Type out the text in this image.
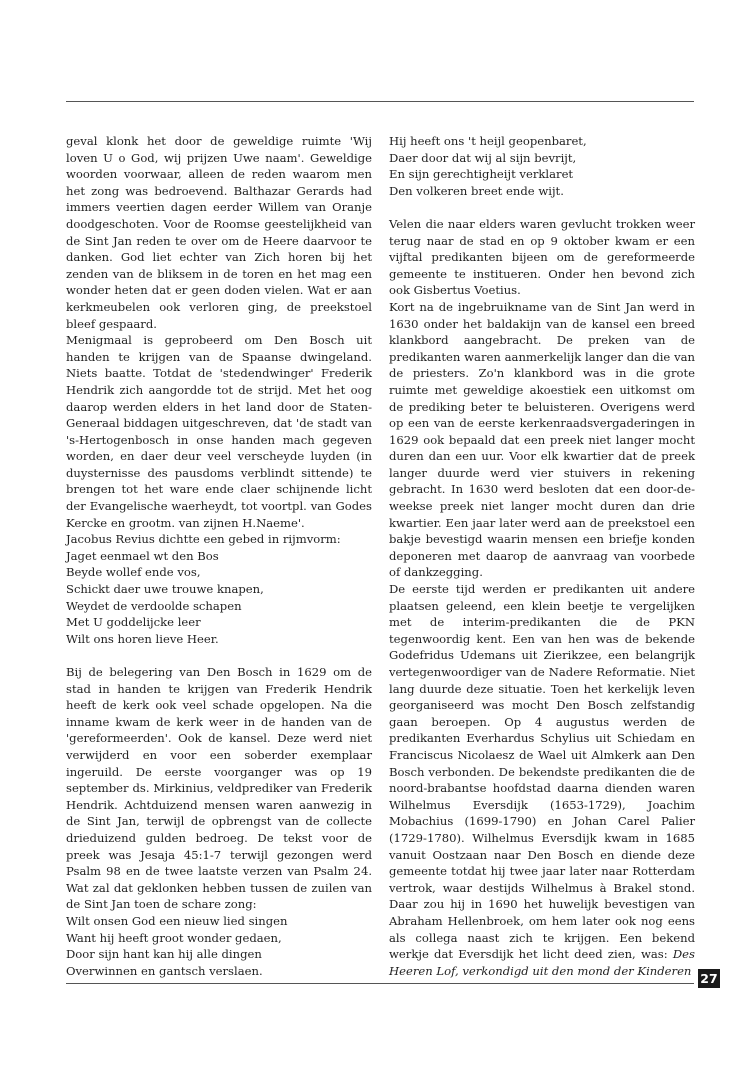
geval klonk het door de geweldige ruimte 'Wij loven U o God, wij prijzen Uwe naam'. Geweldige woorden voorwaar, alleen de reden waarom men het zong was bedroevend. Balthazar Gerards had immers veertien dagen eerder Willem van Oranje doodgeschoten. Voor de Roomse geestelijkheid van de Sint Jan reden te over om de Heere daarvoor te danken. God liet echter van Zich horen bij het zenden van de bliksem in de toren en het mag een wonder heten dat er geen doden vielen. Wat er aan kerkmeubelen ook verloren ging, de preekstoel bleef gespaard.

Menigmaal is geprobeerd om Den Bosch uit handen te krijgen van de Spaanse dwingeland. Niets baatte. Totdat de 'stedendwinger' Frederik Hendrik zich aangordde tot de strijd. Met het oog daarop werden elders in het land door de Staten-Generaal biddagen uitgeschreven, dat 'de stadt van 's-Hertogenbosch in onse handen mach gegeven worden, en daer deur veel verscheyde luyden (in duysternisse des pausdoms verblindt sittende) te brengen tot het ware ende claer schijnende licht der Evangelische waerheydt, tot voortpl. van Godes Kercke en grootm. van zijnen H.Naeme'.

Jacobus Revius dichtte een gebed in rijmvorm:

Jaget eenmael wt den Bos
Beyde wollef ende vos,
Schickt daer uwe trouwe knapen,
Weydet de verdoolde schapen
Met U goddelijcke leer
Wilt ons horen lieve Heer.

Bij de belegering van Den Bosch in 1629 om de stad in handen te krijgen van Frederik Hendrik heeft de kerk ook veel schade opgelopen. Na die inname kwam de kerk weer in de handen van de 'gereformeerden'. Ook de kansel. Deze werd niet verwijderd en voor een soberder exemplaar ingeruild. De eerste voorganger was op 19 september ds. Mirkinius, veldprediker van Frederik Hendrik. Achtduizend mensen waren aanwezig in de Sint Jan, terwijl de opbrengst van de collecte drieduizend gulden bedroeg. De tekst voor de preek was Jesaja 45:1-7 terwijl gezongen werd Psalm 98 en de twee laatste verzen van Psalm 24. Wat zal dat geklonken hebben tussen de zuilen van de Sint Jan toen de schare zong:

Wilt onsen God een nieuw lied singen
Want hij heeft groot wonder gedaen,
Door sijn hant kan hij alle dingen
Overwinnen en gantsch verslaen.
Hij heeft ons 't heijl geopenbaret,
Daer door dat wij al sijn bevrijt,
En sijn gerechtigheijt verklaret
Den volkeren breet ende wijt.

Velen die naar elders waren gevlucht trokken weer terug naar de stad en op 9 oktober kwam er een vijftal predikanten bijeen om de gereformeerde gemeente te institueren. Onder hen bevond zich ook Gisbertus Voetius.

Kort na de ingebruikname van de Sint Jan werd in 1630 onder het baldakijn van de kansel een breed klankbord aangebracht. De preken van de predikanten waren aanmerkelijk langer dan die van de priesters. Zo'n klankbord was in die grote ruimte met geweldige akoestiek een uitkomst om de prediking beter te beluisteren. Overigens werd op een van de eerste kerkenraadsvergaderingen in 1629 ook bepaald dat een preek niet langer mocht duren dan een uur. Voor elk kwartier dat de preek langer duurde werd vier stuivers in rekening gebracht. In 1630 werd besloten dat een door-de-weekse preek niet langer mocht duren dan drie kwartier. Een jaar later werd aan de preekstoel een bakje bevestigd waarin mensen een briefje konden deponeren met daarop de aanvraag van voorbede of dankzegging.

De eerste tijd werden er predikanten uit andere plaatsen geleend, een klein beetje te vergelijken met de interim-predikanten die de PKN tegenwoordig kent. Een van hen was de bekende Godefridus Udemans uit Zierikzee, een belangrijk vertegenwoordiger van de Nadere Reformatie. Niet lang duurde deze situatie. Toen het kerkelijk leven georganiseerd was mocht Den Bosch zelfstandig gaan beroepen. Op 4 augustus werden de predikanten Everhardus Schylius uit Schiedam en Franciscus Nicolaesz de Wael uit Almkerk aan Den Bosch verbonden. De bekendste predikanten die de noord-brabantse hoofdstad daarna dienden waren Wilhelmus Eversdijk (1653-1729), Joachim Mobachius (1699-1790) en Johan Carel Palier (1729-1780). Wilhelmus Eversdijk kwam in 1685 vanuit Oostzaan naar Den Bosch en diende deze gemeente totdat hij twee jaar later naar Rotterdam vertrok, waar destijds Wilhelmus à Brakel stond. Daar zou hij in 1690 het huwelijk bevestigen van Abraham Hellenbroek, om hem later ook nog eens als collega naast zich te krijgen. Een bekend werkje dat Eversdijk het licht deed zien, was: Des Heeren Lof, verkondigd uit den mond der Kinderen

27
